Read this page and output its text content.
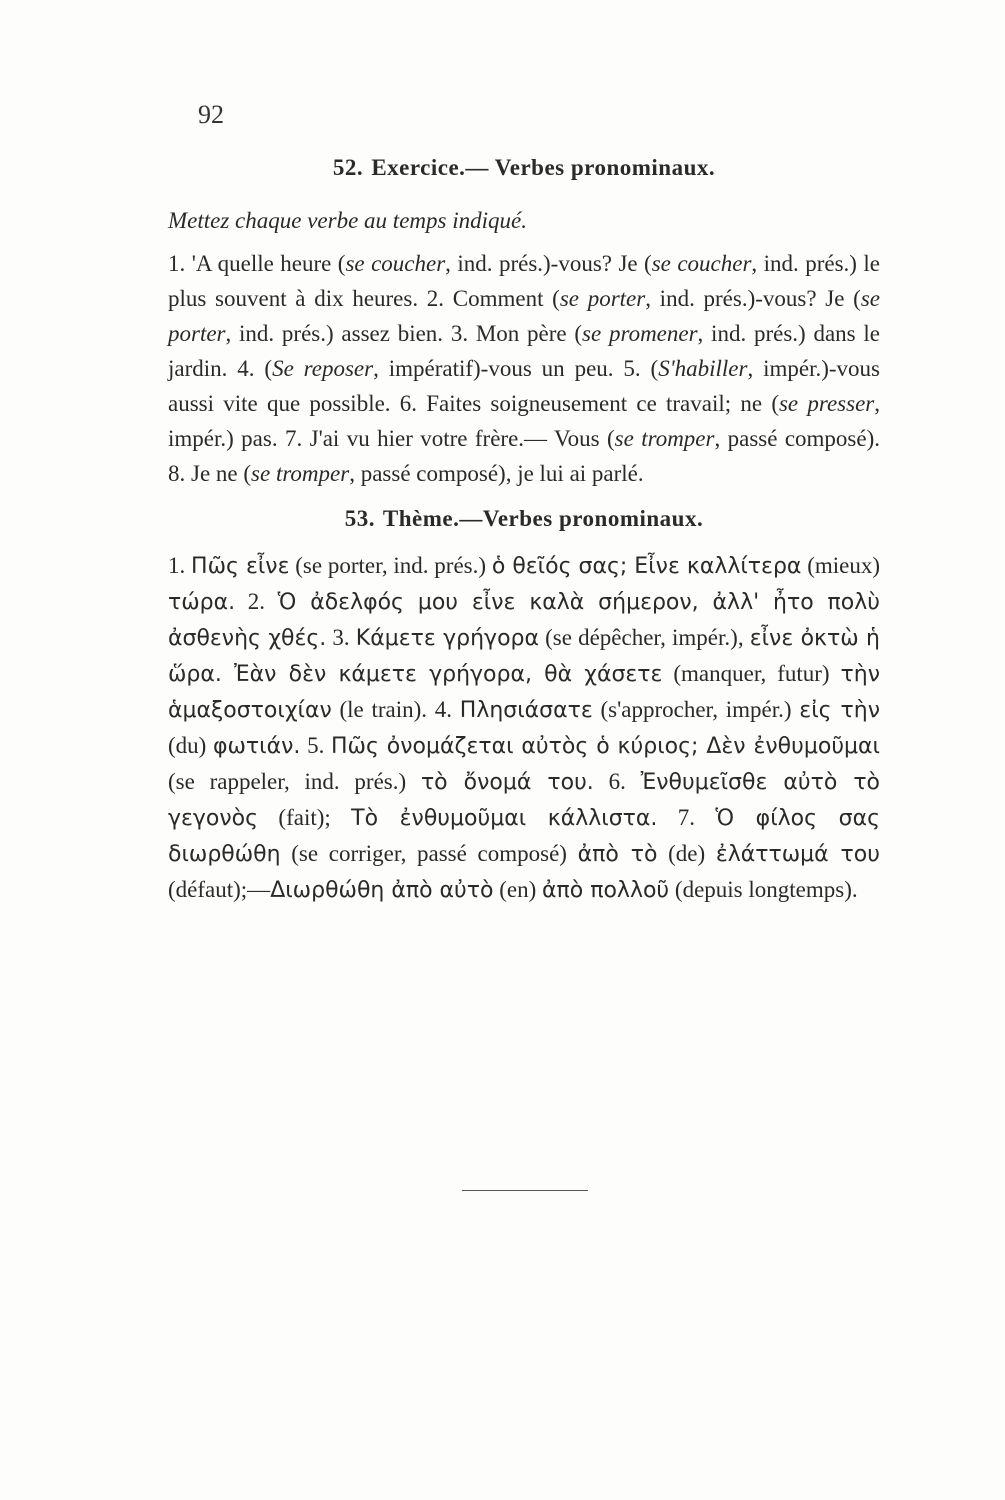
92
52. Exercice.— Verbes pronominaux.

Mettez chaque verbe au temps indiqué.

1. 'A quelle heure (se coucher, ind. prés.)-vous? Je (se coucher, ind. prés.) le plus souvent à dix heures. 2. Comment (se porter, ind. prés.)-vous? Je (se porter, ind. prés.) assez bien. 3. Mon père (se promener, ind. prés.) dans le jardin. 4. (Se reposer, impératif)-vous un peu. 5. (S'habiller, impér.)-vous aussi vite que possible. 6. Faites soigneusement ce travail; ne (se presser, impér.) pas. 7. J'ai vu hier votre frère.— Vous (se tromper, passé composé). 8. Je ne (se tromper, passé composé), je lui ai parlé.

53. Thème.—Verbes pronominaux.

1. Πῶς εἶνε (se porter, ind. prés.) ὁ θεῖός σας; Εἶνε καλλίτερα (mieux) τώρα. 2. Ὁ ἀδελφός μου εἶνε καλὰ σήμερον, ἀλλ' ἦτο πολὺ ἀσθενὴς χθές. 3. Κάμετε γρήγορα (se dépêcher, impér.), εἶνε ὀκτὼ ἡ ὥρα. Ἐὰν δὲν κάμετε γρήγορα, θὰ χάσετε (manquer, futur) τὴν ἁμαξοστοιχίαν (le train). 4. Πλησιάσατε (s'approcher, impér.) εἰς τὴν (du) φωτιάν. 5. Πῶς ὀνομάζεται αὐτὸς ὁ κύριος; Δὲν ἐνθυμοῦμαι (se rappeler, ind. prés.) τὸ ὄνομά του. 6. Ἐνθυμεῖσθε αὐτὸ τὸ γεγονὸς (fait); Τὸ ἐνθυμοῦμαι κάλλιστα. 7. Ὁ φίλος σας διωρθώθη (se corriger, passé composé) ἀπὸ τὸ (de) ἐλάττωμά του (défaut);—Διωρθώθη ἀπὸ αὐτὸ (en) ἀπὸ πολλοῦ (depuis longtemps).
